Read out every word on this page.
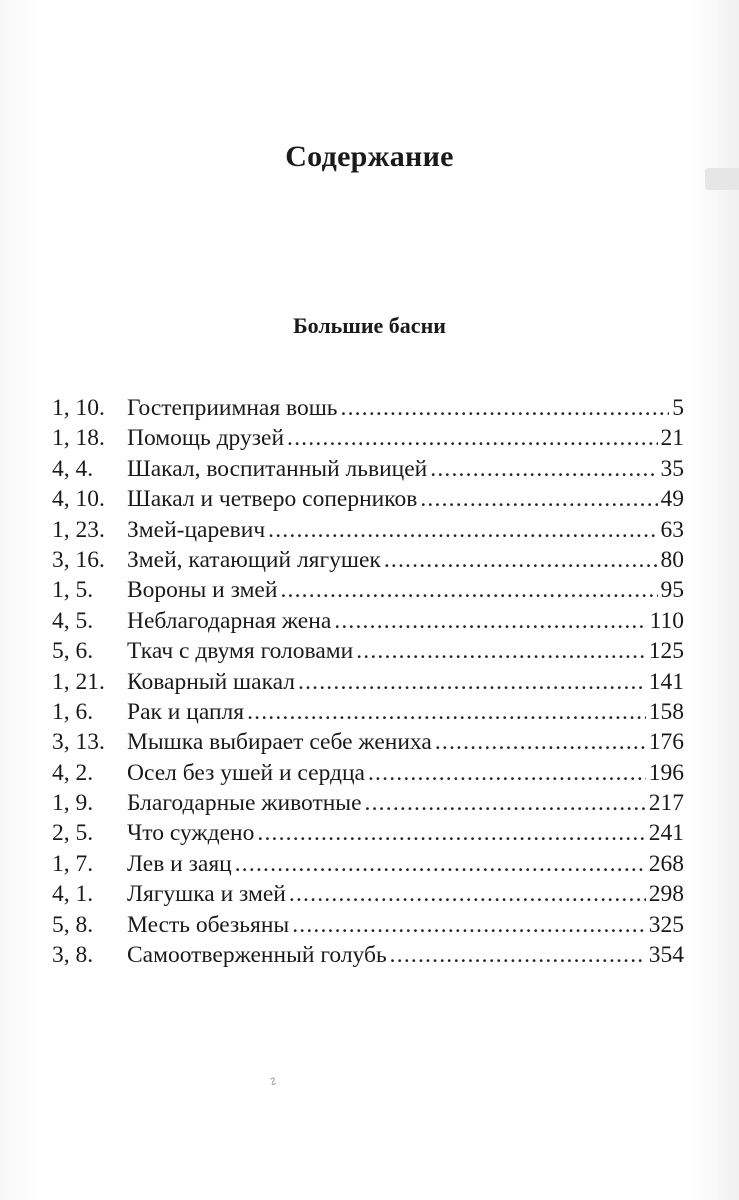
Содержание
Большие басни
1, 10. Гостеприимная вошь .....	5
1, 18. Помощь друзей .....	21
4, 4.	Шакал, воспитанный львицей .....	35
4, 10. Шакал и четверо соперников .....	49
1, 23. Змей-царевич .....	63
3, 16. Змей, катающий лягушек .....	80
1, 5.	Вороны и змей .....	95
4, 5.	Неблагодарная жена .....	110
5, 6.	Ткач с двумя головами .....	125
1, 21. Коварный шакал .....	141
1, 6.	Рак и цапля .....	158
3, 13. Мышка выбирает себе жениха .....	176
4, 2.	Осел без ушей и сердца .....	196
1, 9.	Благодарные животные .....	217
2, 5.	Что суждено .....	241
1, 7.	Лев и заяц .....	268
4, 1.	Лягушка и змей .....	298
5, 8.	Месть обезьяны .....	325
3, 8.	Самоотверженный голубь .....	354
∿
